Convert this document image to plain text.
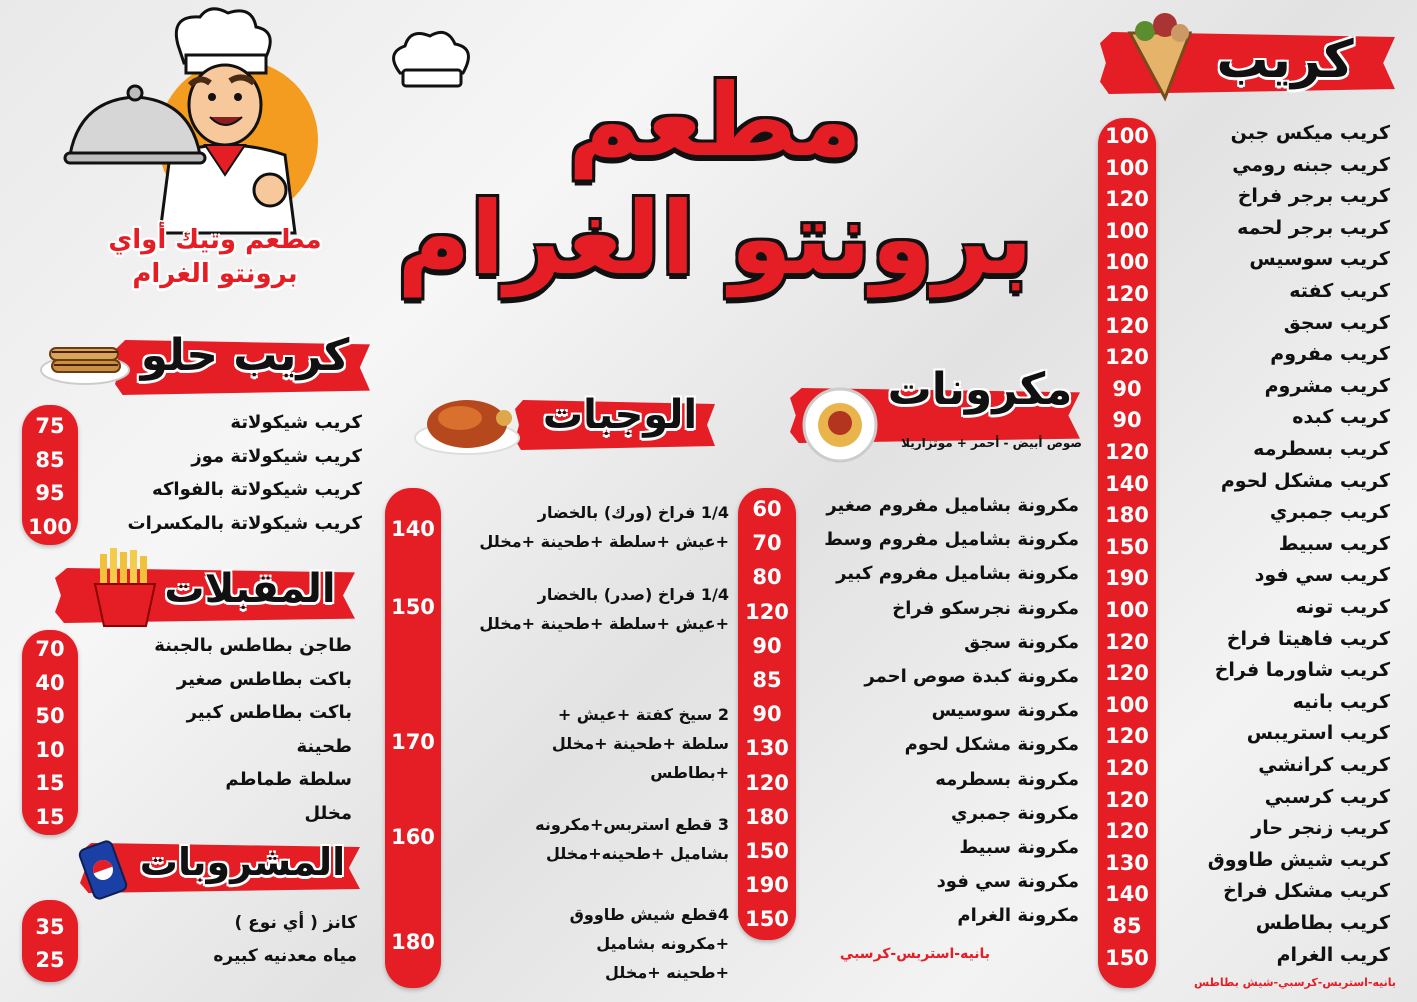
مطعم وتيك أواي
برونتو الغرام
مطعم
برونتو الغرام
كريب
100	كريب ميكس جبن
100	كريب جبنه رومي
120	كريب برجر فراخ
100	كريب برجر لحمه
100	كريب سوسيس
120	كريب كفته
120	كريب سجق
120	كريب مفروم
90	كريب مشروم
90	كريب كبده
120	كريب بسطرمه
140	كريب مشكل لحوم
180	كريب جمبري
150	كريب سبيط
190	كريب سي فود
100	كريب تونه
120	كريب فاهيتا فراخ
120	كريب شاورما فراخ
100	كريب بانيه
120	كريب استريبس
120	كريب كرانشي
120	كريب كرسبي
120	كريب زنجر حار
130	كريب شيش طاووق
140	كريب مشكل فراخ
85	كريب بطاطس
150	كريب الغرام
بانيه-استربس-كرسبي-شيش بطاطس
مكرونات
صوص أبيض - أحمر + موتزاريلا
60	مكرونة بشاميل مفروم صغير
70	مكرونة بشاميل مفروم وسط
80	مكرونة بشاميل مفروم كبير
120	مكرونة نجرسكو فراخ
90	مكرونة سجق
85	مكرونة كبدة صوص احمر
90	مكرونة سوسيس
130	مكرونة مشكل لحوم
120	مكرونة بسطرمه
180	مكرونة جمبري
150	مكرونة سبيط
190	مكرونة سي فود
150	مكرونة الغرام
بانيه-استربس-كرسبي
الوجبات
140
1/4 فراخ (ورك) بالخضار
+عيش +سلطة +طحينة +مخلل
150
1/4 فراخ (صدر) بالخضار
+عيش +سلطة +طحينة +مخلل
170
2 سيخ كفتة +عيش +
سلطة +طحينة +مخلل
+بطاطس
160
3 قطع استربس+مكرونه
بشاميل +طحينه+مخلل
180
4قطع شيش طاووق
+مكرونه بشاميل
+طحينه +مخلل
كريب حلو
75	كريب شيكولاتة
85	كريب شيكولاتة موز
95	كريب شيكولاتة بالفواكه
100	كريب شيكولاتة بالمكسرات
المقبلات
70	طاجن بطاطس بالجبنة
40	باكت بطاطس صغير
50	باكت بطاطس كبير
10	طحينة
15	سلطة طماطم
15	مخلل
المشروبات
35	كانز ( أي نوع )
25	مياه معدنيه كبيره
